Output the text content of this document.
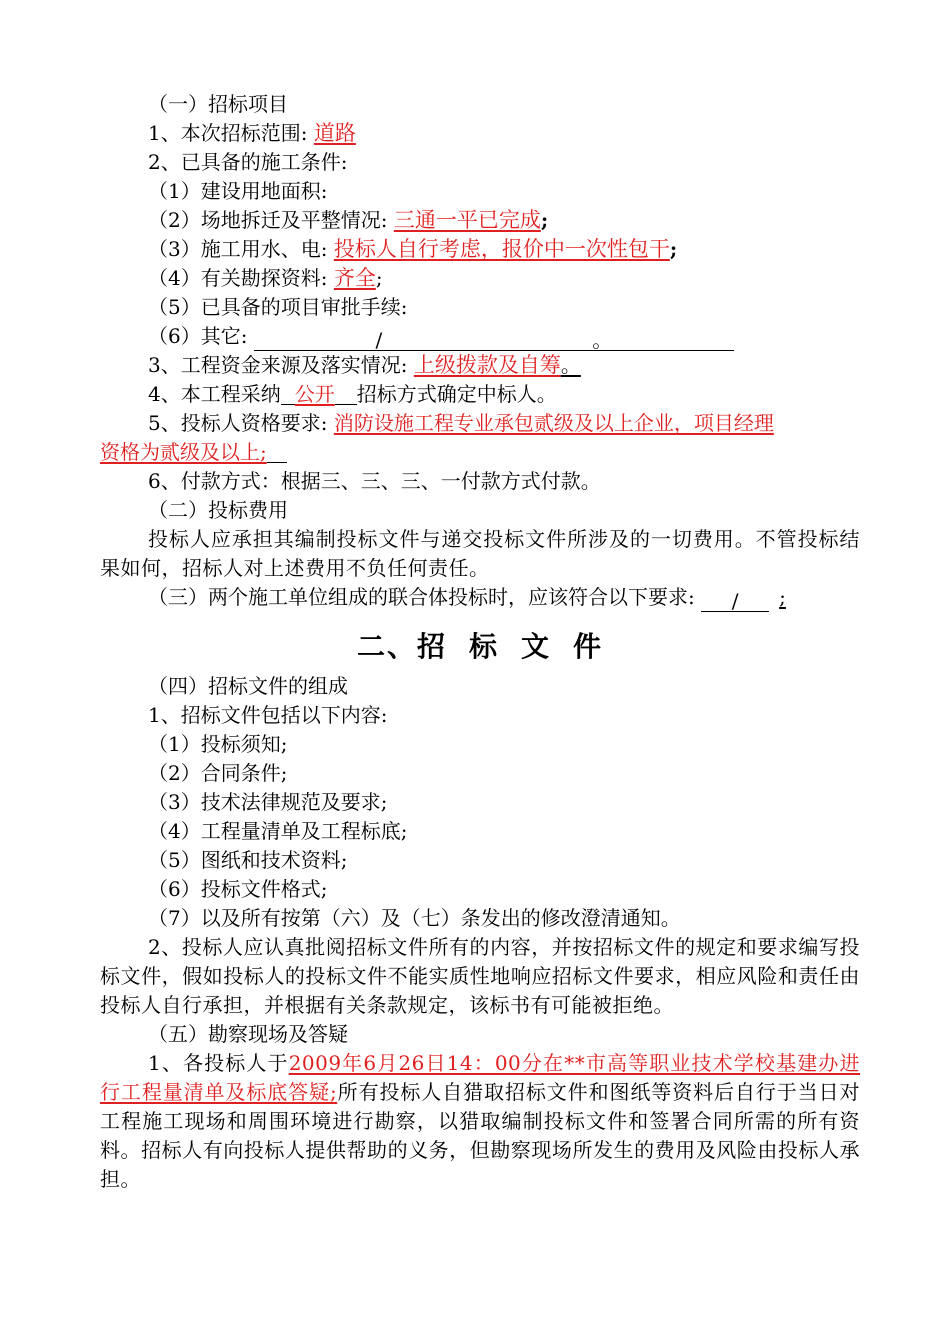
（一）招标项目
1、本次招标范围: 道路
2、已具备的施工条件:
（1）建设用地面积:
（2）场地拆迁及平整情况: 三通一平已完成;
（3）施工用水、电: 投标人自行考虑，报价中一次性包干;
（4）有关勘探资料: 齐全;
（5）已具备的项目审批手续:
（6）其它:	/	。
3、工程资金来源及落实情况: 上级拨款及自筹。
4、本工程采纳 公开 招标方式确定中标人。
5、投标人资格要求: 消防设施工程专业承包贰级及以上企业，项目经理
资格为贰级及以上;
6、付款方式：根据三、三、三、一付款方式付款。
（二）投标费用
投标人应承担其编制投标文件与递交投标文件所涉及的一切费用。不管投标结果如何，招标人对上述费用不负任何责任。
（三）两个施工单位组成的联合体投标时，应该符合以下要求: / ;
二、招 标 文 件
（四）招标文件的组成
1、招标文件包括以下内容:
（1）投标须知;
（2）合同条件;
（3）技术法律规范及要求;
（4）工程量清单及工程标底;
（5）图纸和技术资料;
（6）投标文件格式;
（7）以及所有按第（六）及（七）条发出的修改澄清通知。
2、投标人应认真批阅招标文件所有的内容，并按招标文件的规定和要求编写投标文件，假如投标人的投标文件不能实质性地响应招标文件要求，相应风险和责任由投标人自行承担，并根据有关条款规定，该标书有可能被拒绝。
（五）勘察现场及答疑
1、各投标人于2009年6月26日14：00分在**市高等职业技术学校基建办进行工程量清单及标底答疑;所有投标人自猎取招标文件和图纸等资料后自行于当日对工程施工现场和周围环境进行勘察，以猎取编制投标文件和签署合同所需的所有资料。招标人有向投标人提供帮助的义务，但勘察现场所发生的费用及风险由投标人承担。
